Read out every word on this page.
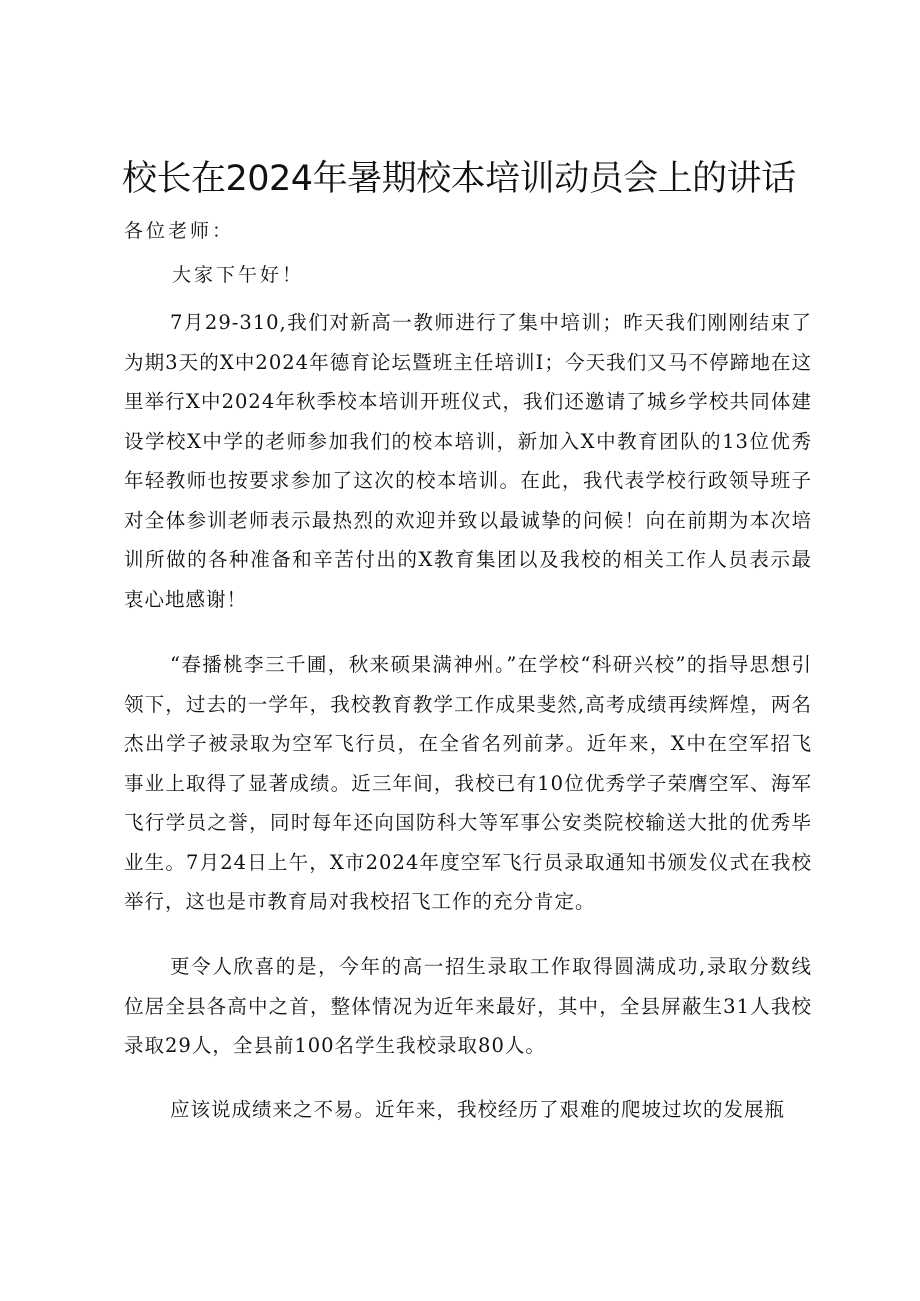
校长在2024年暑期校本培训动员会上的讲话

各位老师：

大家下午好！

7月29-310,我们对新高一教师进行了集中培训；昨天我们刚刚结束了为期3天的X中2024年德育论坛暨班主任培训Ⅰ；今天我们又马不停蹄地在这里举行X中2024年秋季校本培训开班仪式，我们还邀请了城乡学校共同体建设学校X中学的老师参加我们的校本培训，新加入X中教育团队的13位优秀年轻教师也按要求参加了这次的校本培训。在此，我代表学校行政领导班子对全体参训老师表示最热烈的欢迎并致以最诚挚的问候！向在前期为本次培训所做的各种准备和辛苦付出的X教育集团以及我校的相关工作人员表示最衷心地感谢！

“春播桃李三千圃，秋来硕果满神州。”在学校“科研兴校”的指导思想引领下，过去的一学年，我校教育教学工作成果斐然,高考成绩再续辉煌，两名杰出学子被录取为空军飞行员，在全省名列前茅。近年来，X中在空军招飞事业上取得了显著成绩。近三年间，我校已有10位优秀学子荣膺空军、海军飞行学员之誉，同时每年还向国防科大等军事公安类院校输送大批的优秀毕业生。7月24日上午，X市2024年度空军飞行员录取通知书颁发仪式在我校举行，这也是市教育局对我校招飞工作的充分肯定。

更令人欣喜的是，今年的高一招生录取工作取得圆满成功,录取分数线位居全县各高中之首，整体情况为近年来最好，其中，全县屏蔽生31人我校录取29人，全县前100名学生我校录取80人。

应该说成绩来之不易。近年来，我校经历了艰难的爬坡过坎的发展瓶
